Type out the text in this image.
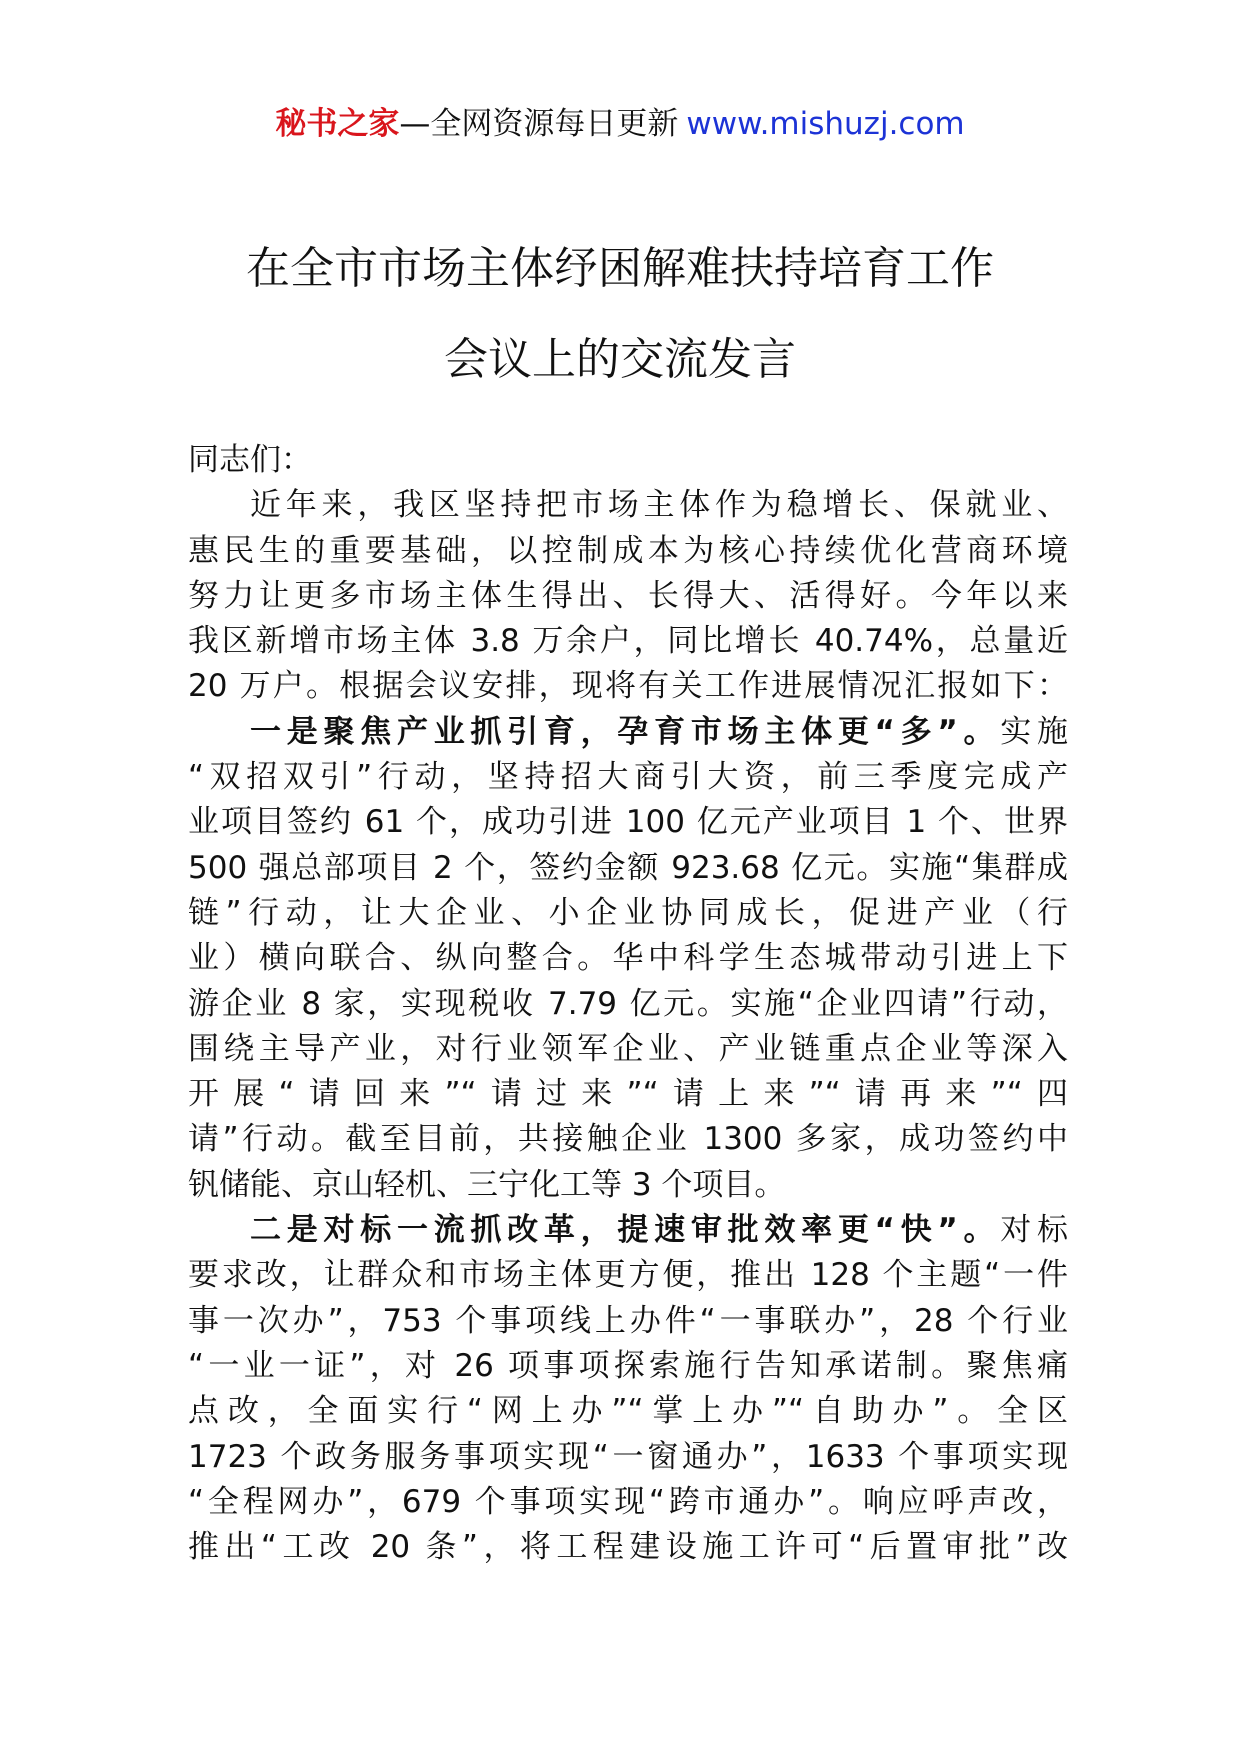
秘书之家—全网资源每日更新 www.mishuzj.com
在全市市场主体纾困解难扶持培育工作
会议上的交流发言
同志们：
近年来，我区坚持把市场主体作为稳增长、保就业、
惠民生的重要基础，以控制成本为核心持续优化营商环境
努力让更多市场主体生得出、长得大、活得好。今年以来
我区新增市场主体 3.8 万余户，同比增长 40.74%，总量近
20 万户。根据会议安排，现将有关工作进展情况汇报如下：
一是聚焦产业抓引育，孕育市场主体更“多”。实施
“双招双引”行动，坚持招大商引大资，前三季度完成产
业项目签约 61 个，成功引进 100 亿元产业项目 1 个、世界
500 强总部项目 2 个，签约金额 923.68 亿元。实施“集群成
链”行动，让大企业、小企业协同成长，促进产业（行
业）横向联合、纵向整合。华中科学生态城带动引进上下
游企业 8 家，实现税收 7.79 亿元。实施“企业四请”行动，
围绕主导产业，对行业领军企业、产业链重点企业等深入
开展“请回来”“请过来”“请上来”“请再来”“四
请”行动。截至目前，共接触企业 1300 多家，成功签约中
钒储能、京山轻机、三宁化工等 3 个项目。
二是对标一流抓改革，提速审批效率更“快”。对标
要求改，让群众和市场主体更方便，推出 128 个主题“一件
事一次办”，753 个事项线上办件“一事联办”，28 个行业
“一业一证”，对 26 项事项探索施行告知承诺制。聚焦痛
点改，全面实行“网上办”“掌上办”“自助办”。全区
1723 个政务服务事项实现“一窗通办”，1633 个事项实现
“全程网办”，679 个事项实现“跨市通办”。响应呼声改，
推出“工改 20 条”，将工程建设施工许可“后置审批”改
